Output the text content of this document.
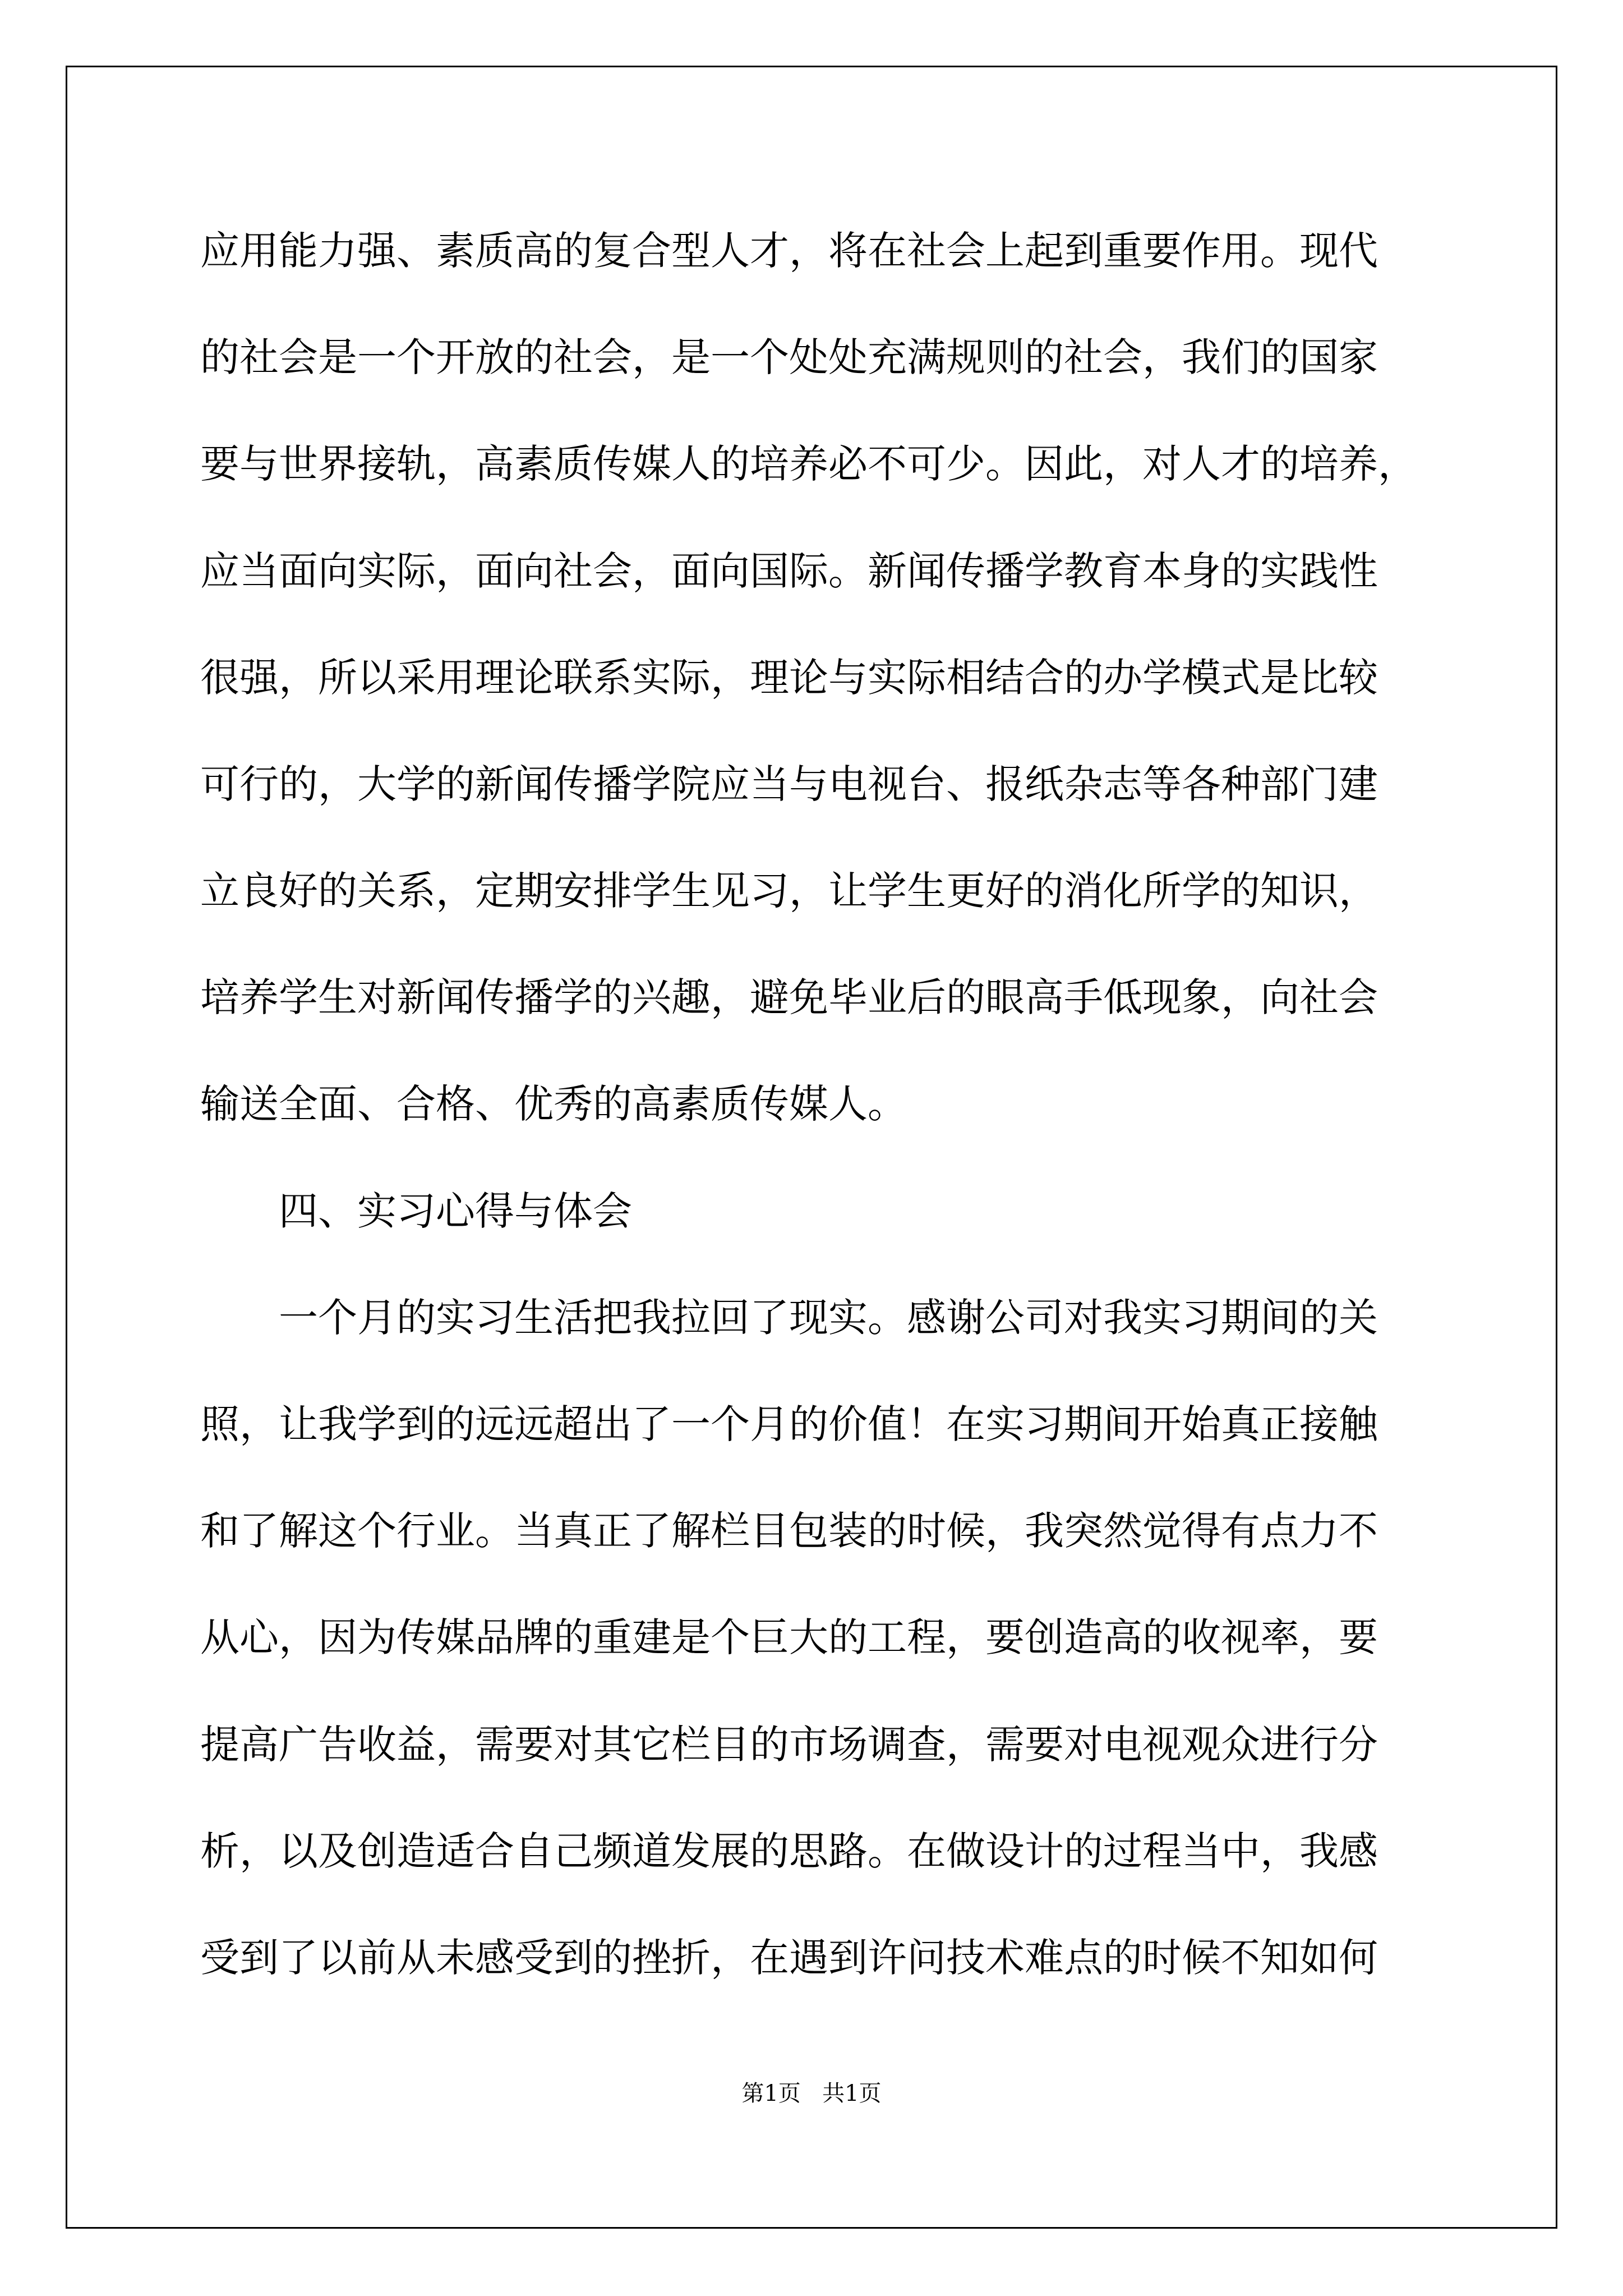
应用能力强、素质高的复合型人才，将在社会上起到重要作用。现代
的社会是一个开放的社会，是一个处处充满规则的社会，我们的国家
要与世界接轨，高素质传媒人的培养必不可少。因此，对人才的培养，
应当面向实际，面向社会，面向国际。新闻传播学教育本身的实践性
很强，所以采用理论联系实际，理论与实际相结合的办学模式是比较
可行的，大学的新闻传播学院应当与电视台、报纸杂志等各种部门建
立良好的关系，定期安排学生见习，让学生更好的消化所学的知识，
培养学生对新闻传播学的兴趣，避免毕业后的眼高手低现象，向社会
输送全面、合格、优秀的高素质传媒人。
四、实习心得与体会
一个月的实习生活把我拉回了现实。感谢公司对我实习期间的关
照，让我学到的远远超出了一个月的价值！在实习期间开始真正接触
和了解这个行业。当真正了解栏目包装的时候，我突然觉得有点力不
从心，因为传媒品牌的重建是个巨大的工程，要创造高的收视率，要
提高广告收益，需要对其它栏目的市场调查，需要对电视观众进行分
析，以及创造适合自己频道发展的思路。在做设计的过程当中，我感
受到了以前从未感受到的挫折，在遇到许问技术难点的时候不知如何
第1页 共1页
